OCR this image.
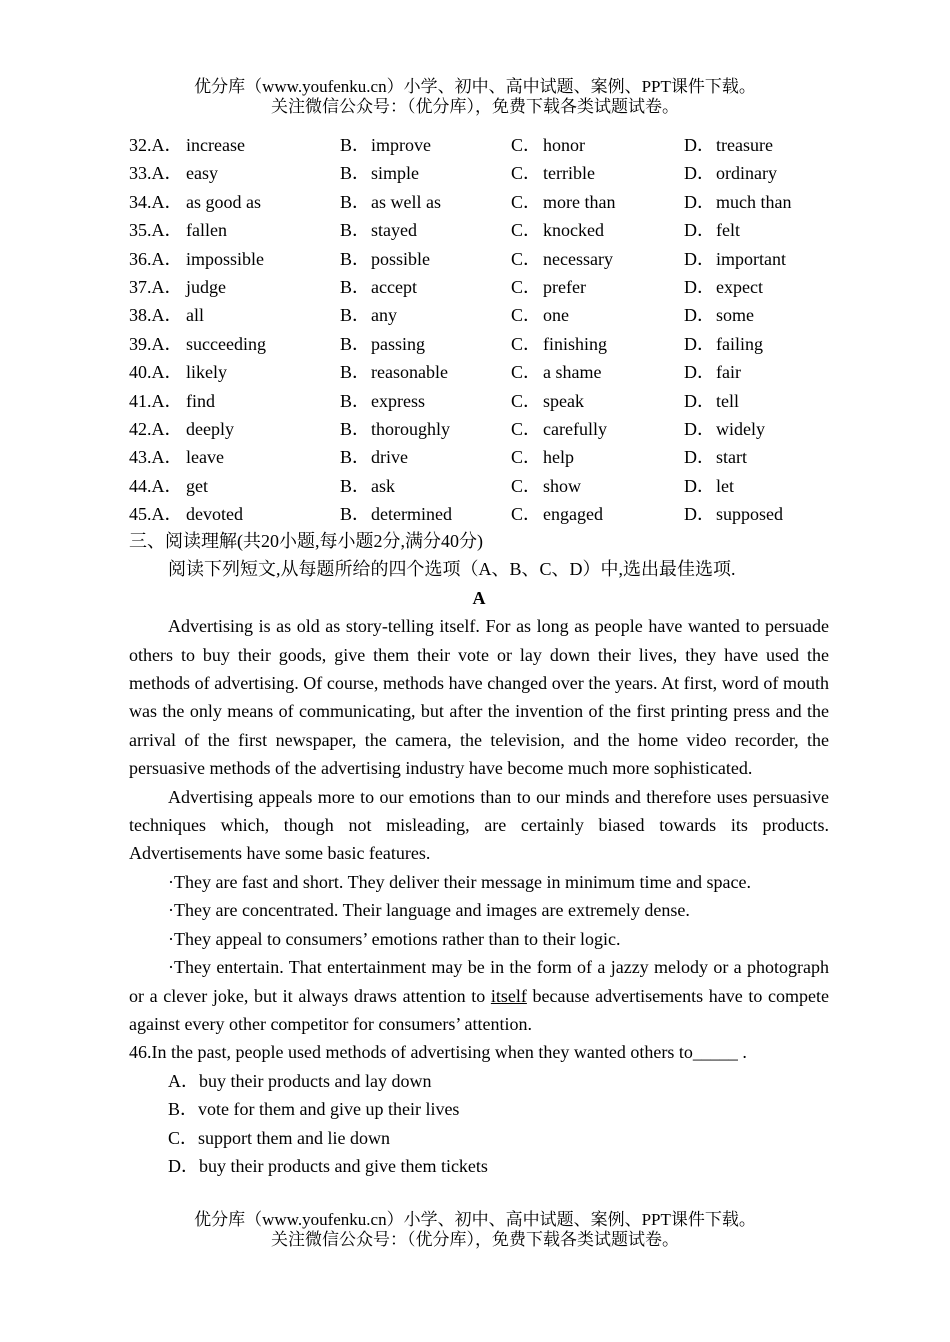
优分库（www.youfenku.cn）小学、初中、高中试题、案例、PPT课件下载。
关注微信公众号：（优分库），免费下载各类试题试卷。
32.A． increase	B． improve	C． honor	D． treasure
33.A． easy	B． simple	C． terrible	D． ordinary
34.A． as good as	B． as well as	C． more than	D． much than
35.A． fallen	B． stayed	C． knocked	D． felt
36.A． impossible	B． possible	C． necessary	D． important
37.A． judge	B． accept	C． prefer	D． expect
38.A． all	B． any	C． one	D． some
39.A． succeeding	B． passing	C． finishing	D． failing
40.A． likely	B． reasonable	C． a shame	D． fair
41.A． find	B． express	C． speak	D． tell
42.A． deeply	B． thoroughly	C． carefully	D． widely
43.A． leave	B． drive	C． help	D． start
44.A． get	B． ask	C． show	D． let
45.A． devoted	B． determined	C． engaged	D． supposed

三、阅读理解(共20小题,每小题2分,满分40分)

阅读下列短文,从每题所给的四个选项（A、B、C、D）中,选出最佳选项.

A

Advertising is as old as story-telling itself. For as long as people have wanted to persuade others to buy their goods, give them their vote or lay down their lives, they have used the methods of advertising. Of course, methods have changed over the years. At first, word of mouth was the only means of communicating, but after the invention of the first printing press and the arrival of the first newspaper, the camera, the television, and the home video recorder, the persuasive methods of the advertising industry have become much more sophisticated.

Advertising appeals more to our emotions than to our minds and therefore uses persuasive techniques which, though not misleading, are certainly biased towards its products. Advertisements have some basic features.

·They are fast and short. They deliver their message in minimum time and space.

·They are concentrated. Their language and images are extremely dense.

·They appeal to consumers’ emotions rather than to their logic.

·They entertain. That entertainment may be in the form of a jazzy melody or a photograph or a clever joke, but it always draws attention to itself because advertisements have to compete against every other competitor for consumers’ attention.

46.In the past, people used methods of advertising when they wanted others to_____ .

A．buy their products and lay down

B．vote for them and give up their lives

C．support them and lie down

D．buy their products and give them tickets

优分库（www.youfenku.cn）小学、初中、高中试题、案例、PPT课件下载。
关注微信公众号：（优分库），免费下载各类试题试卷。
